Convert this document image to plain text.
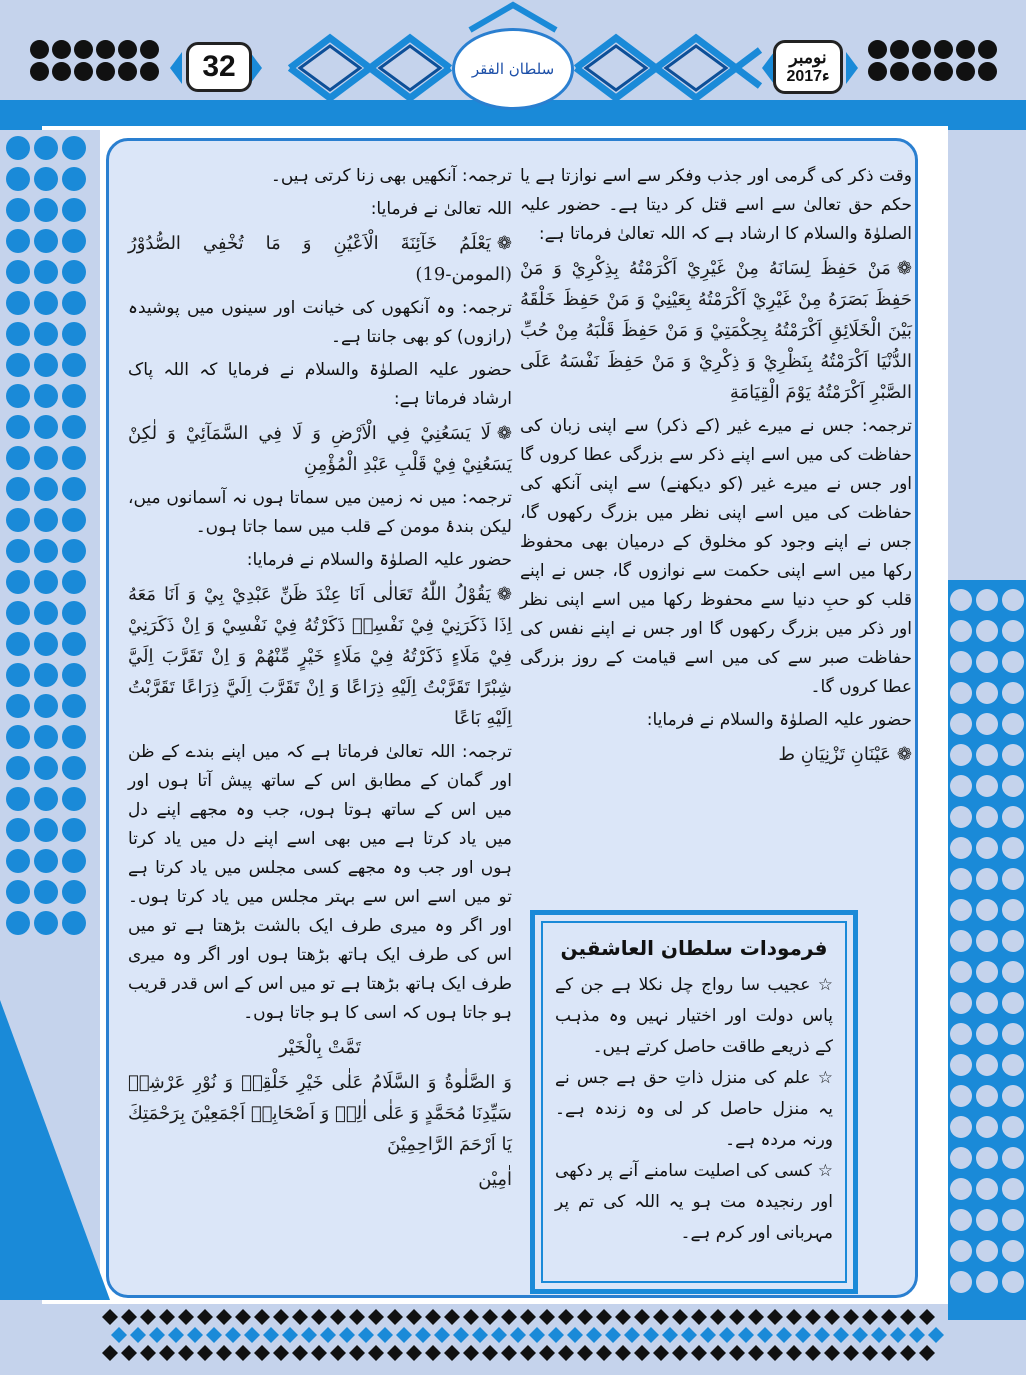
32	نومبر
2017ء
سلطان الفقر

وقت ذکر کی گرمی اور جذب وفکر سے اسے نوازتا ہے یا حکم حق تعالیٰ سے اسے قتل کر دیتا ہے۔ حضور علیہ الصلوٰۃ والسلام کا ارشاد ہے کہ اللہ تعالیٰ فرماتا ہے:

❁مَنْ حَفِظَ لِسَانَهُ مِنْ غَيْرِيْ اَكْرَمْتُهُ بِذِكْرِيْ وَ مَنْ حَفِظَ بَصَرَهُ مِنْ غَيْرِيْ اَكْرَمْتُهُ بِعَيْنِيْ وَ مَنْ حَفِظَ خَلْقَهُ بَيْنَ الْخَلَائِقِ اَكْرَمْتُهُ بِحِكْمَتِيْ وَ مَنْ حَفِظَ قَلْبَهُ مِنْ حُبِّ الدُّنْيَا اَكْرَمْتُهُ بِنَظْرِيْ وَ ذِكْرِيْ وَ مَنْ حَفِظَ نَفْسَهُ عَلَى الصَّبْرِ اَكْرَمْتُهُ يَوْمَ الْقِيَامَةِ

ترجمہ: جس نے میرے غیر (کے ذکر) سے اپنی زبان کی حفاظت کی میں اسے اپنے ذکر سے بزرگی عطا کروں گا اور جس نے میرے غیر (کو دیکھنے) سے اپنی آنکھ کی حفاظت کی میں اسے اپنی نظر میں بزرگ رکھوں گا، جس نے اپنے وجود کو مخلوق کے درمیان بھی محفوظ رکھا میں اسے اپنی حکمت سے نوازوں گا، جس نے اپنے قلب کو حبِ دنیا سے محفوظ رکھا میں اسے اپنی نظر اور ذکر میں بزرگ رکھوں گا اور جس نے اپنے نفس کی حفاظت صبر سے کی میں اسے قیامت کے روز بزرگی عطا کروں گا۔

حضور علیہ الصلوٰۃ والسلام نے فرمایا:

❁عَيْنَانِ تَزْنِيَانِ ط

فرمودات سلطان العاشقین

☆ عجیب سا رواج چل نکلا ہے جن کے پاس دولت اور اختیار نہیں وہ مذہب کے ذریعے طاقت حاصل کرتے ہیں۔

☆ علم کی منزل ذاتِ حق ہے جس نے یہ منزل حاصل کر لی وہ زندہ ہے۔ ورنہ مردہ ہے۔

☆ کسی کی اصلیت سامنے آنے پر دکھی اور رنجیدہ مت ہو یہ اللہ کی تم پر مہربانی اور کرم ہے۔

ترجمہ: آنکھیں بھی زنا کرتی ہیں۔

اللہ تعالیٰ نے فرمایا:

❁يَعْلَمُ خَآئِنَةَ الْاَعْيُنِ وَ مَا تُخْفِي الصُّدُوْرُ (المومن-19)

ترجمہ: وہ آنکھوں کی خیانت اور سینوں میں پوشیدہ (رازوں) کو بھی جانتا ہے۔

حضور علیہ الصلوٰۃ والسلام نے فرمایا کہ اللہ پاک ارشاد فرماتا ہے:

❁لَا يَسَعُنِيْ فِي الْاَرْضِ وَ لَا فِي السَّمَآئِيْ وَ لٰكِنْ يَسَعُنِيْ فِيْ قَلْبِ عَبْدِ الْمُؤْمِنِ

ترجمہ: میں نہ زمین میں سماتا ہوں نہ آسمانوں میں، لیکن بندۂ مومن کے قلب میں سما جاتا ہوں۔

حضور علیہ الصلوٰۃ والسلام نے فرمایا:

❁يَقُوْلُ اللّٰهُ تَعَالٰى اَنَا عِنْدَ ظَنِّ عَبْدِيْ بِيْ وَ اَنَا مَعَهُ اِذَا ذَكَرَنِيْ فِيْ نَفْسِهٖ ذَكَرْتُهُ فِيْ نَفْسِيْ وَ اِنْ ذَكَرَنِيْ فِيْ مَلَاءٍ ذَكَرْتُهُ فِيْ مَلَاءٍ خَيْرٍ مِّنْهُمْ وَ اِنْ تَقَرَّبَ اِلَيَّ شِبْرًا تَقَرَّبْتُ اِلَيْهِ ذِرَاعًا وَ اِنْ تَقَرَّبَ اِلَيَّ ذِرَاعًا تَقَرَّبْتُ اِلَيْهِ بَاعًا

ترجمہ: اللہ تعالیٰ فرماتا ہے کہ میں اپنے بندے کے ظن اور گمان کے مطابق اس کے ساتھ پیش آتا ہوں اور میں اس کے ساتھ ہوتا ہوں، جب وہ مجھے اپنے دل میں یاد کرتا ہے میں بھی اسے اپنے دل میں یاد کرتا ہوں اور جب وہ مجھے کسی مجلس میں یاد کرتا ہے تو میں اسے اس سے بہتر مجلس میں یاد کرتا ہوں۔ اور اگر وہ میری طرف ایک بالشت بڑھتا ہے تو میں اس کی طرف ایک ہاتھ بڑھتا ہوں اور اگر وہ میری طرف ایک ہاتھ بڑھتا ہے تو میں اس کے اس قدر قریب ہو جاتا ہوں کہ اسی کا ہو جاتا ہوں۔

تَمَّتْ بِالْخَيْر

وَ الصَّلٰوةُ وَ السَّلَامُ عَلٰى خَيْرِ خَلْقِهٖ وَ نُوْرِ عَرْشِهٖ سَيِّدِنَا مُحَمَّدٍ وَ عَلٰى اٰلِهٖ وَ اَصْحَابِهٖ اَجْمَعِيْنَ بِرَحْمَتِكَ يَا اَرْحَمَ الرَّاحِمِيْنَ

اٰمِيْن
